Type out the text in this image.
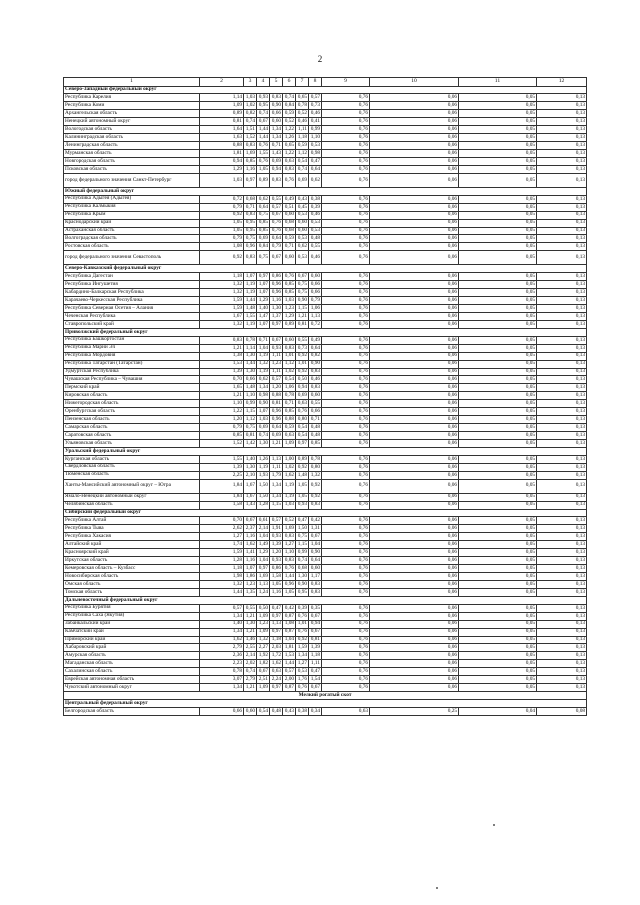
2
1	2	3	4	5	6	7	8	9	10	11	12
Северо-Западный федеральный округ											
Республика Карелия	1,14	1,03	0,93	0,83	0,74	0,65	0,57	0,76	0,06	0,05	0,13
Республика Коми	1,09	1,02	0,95	0,90	0,84	0,78	0,73	0,76	0,06	0,05	0,13
Архангельская область	0,89	0,82	0,74	0,66	0,59	0,52	0,46	0,76	0,06	0,05	0,13
Ненецкий автономный округ	0,81	0,74	0,67	0,60	0,52	0,46	0,41	0,76	0,06	0,05	0,13
Вологодская область	1,64	1,51	1,44	1,34	1,22	1,11	0,99	0,76	0,06	0,05	0,13
Калининградская область	1,63	1,52	1,44	1,34	1,26	1,18	1,10	0,76	0,06	0,05	0,13
Ленинградская область	0,88	0,83	0,76	0,71	0,65	0,59	0,53	0,76	0,06	0,05	0,13
Мурманская область	1,81	1,69	1,55	1,43	1,22	1,12	0,98	0,76	0,06	0,05	0,13
Новгородская область	0,94	0,85	0,76	0,69	0,63	0,54	0,47	0,76	0,06	0,05	0,13
Псковская область	1,29	1,16	1,05	0,94	0,83	0,74	0,64	0,76	0,06	0,05	0,13
город федерального значения Санкт-Петербург	1,03	0,97	0,89	0,83	0,76	0,69	0,62	0,76	0,06	0,05	0,13
Южный федеральный округ											
Республика Адыгея (Адыгея)	0,72	0,68	0,62	0,55	0,49	0,43	0,38	0,76	0,06	0,05	0,13
Республика Калмыкия	0,79	0,71	0,64	0,57	0,51	0,45	0,39	0,76	0,06	0,05	0,13
Республика Крым	0,92	0,83	0,75	0,67	0,60	0,53	0,46	0,76	0,06	0,05	0,13
Краснодарский край	1,05	0,95	0,85	0,76	0,68	0,60	0,53	0,76	0,06	0,05	0,13
Астраханская область	1,05	0,95	0,85	0,76	0,68	0,60	0,53	0,76	0,06	0,05	0,13
Волгоградская область	0,79	0,75	0,69	0,64	0,59	0,53	0,48	0,76	0,06	0,05	0,13
Ростовская область	1,08	0,96	0,84	0,79	0,71	0,62	0,55	0,76	0,06	0,05	0,13
город федерального значения Севастополь	0,92	0,83	0,75	0,67	0,60	0,53	0,46	0,76	0,06	0,05	0,13
Северо-Кавказский федеральный округ											
Республика Дагестан	1,18	1,07	0,97	0,86	0,76	0,67	0,60	0,76	0,06	0,05	0,13
Республика Ингушетия	1,32	1,19	1,07	0,96	0,85	0,75	0,66	0,76	0,06	0,05	0,13
Кабардино-Балкарская Республика	1,32	1,19	1,07	0,96	0,85	0,75	0,66	0,76	0,06	0,05	0,13
Карачаево-Черкесская Республика	1,59	1,44	1,29	1,16	1,03	0,90	0,79	0,76	0,06	0,05	0,13
Республика Северная Осетия – Алания	1,59	1,48	1,40	1,30	1,23	1,15	1,06	0,76	0,06	0,05	0,13
Чеченская Республика	1,67	1,55	1,47	1,37	1,29	1,21	1,13	0,76	0,06	0,05	0,13
Ставропольский край	1,32	1,19	1,07	0,97	0,89	0,81	0,72	0,76	0,06	0,05	0,13
Приволжский федеральный округ											
Республика Башкортостан	0,83	0,78	0,71	0,67	0,60	0,55	0,49	0,76	0,06	0,05	0,13
Республика Марий Эл	1,21	1,14	1,04	0,93	0,83	0,73	0,64	0,76	0,06	0,05	0,13
Республика Мордовия	1,38	1,30	1,19	1,11	1,01	0,92	0,82	0,76	0,06	0,05	0,13
Республика Татарстан (Татарстан)	1,53	1,44	1,32	1,23	1,12	1,01	0,90	0,76	0,06	0,05	0,13
Удмуртская Республика	1,39	1,30	1,19	1,11	1,02	0,92	0,83	0,76	0,06	0,05	0,13
Чувашская Республика – Чувашия	0,70	0,66	0,62	0,57	0,54	0,50	0,46	0,76	0,06	0,05	0,13
Пермский край	1,65	1,48	1,34	1,20	1,06	0,94	0,83	0,76	0,06	0,05	0,13
Кировская область	1,21	1,10	0,98	0,88	0,78	0,69	0,60	0,76	0,06	0,05	0,13
Нижегородская область	1,10	0,99	0,90	0,81	0,71	0,63	0,55	0,76	0,06	0,05	0,13
Оренбургская область	1,22	1,15	1,07	0,96	0,85	0,76	0,66	0,76	0,06	0,05	0,13
Пензенская область	1,20	1,12	1,03	0,96	0,88	0,80	0,71	0,76	0,06	0,05	0,13
Самарская область	0,79	0,75	0,69	0,64	0,59	0,54	0,48	0,76	0,06	0,05	0,13
Саратовская область	0,85	0,81	0,74	0,69	0,63	0,54	0,48	0,76	0,06	0,05	0,13
Ульяновская область	1,52	1,42	1,30	1,21	1,09	0,97	0,85	0,76	0,06	0,05	0,13
Уральский федеральный округ											
Курганская область	1,55	1,40	1,26	1,13	1,00	0,89	0,78	0,76	0,06	0,05	0,13
Свердловская область	1,39	1,30	1,19	1,11	1,02	0,92	0,80	0,76	0,06	0,05	0,13
Тюменская область	2,25	2,10	1,93	1,79	1,62	1,48	1,32	0,76	0,06	0,05	0,13
Ханты-Мансийский автономный округ – Югра	1,84	1,67	1,50	1,34	1,19	1,05	0,92	0,76	0,06	0,05	0,13
Ямало-Ненецкий автономный округ	1,84	1,67	1,50	1,34	1,19	1,05	0,92	0,76	0,06	0,05	0,13
Челябинская область	1,58	1,43	1,28	1,15	1,03	0,93	0,83	0,76	0,06	0,05	0,13
Сибирский федеральный округ											
Республика Алтай	0,70	0,67	0,61	0,57	0,52	0,47	0,42	0,76	0,06	0,05	0,13
Республика Тыва	2,62	2,37	2,14	1,91	1,69	1,50	1,31	0,76	0,06	0,05	0,13
Республика Хакасия	1,27	1,16	1,04	0,93	0,83	0,75	0,67	0,76	0,06	0,05	0,13
Алтайский край	1,74	1,62	1,49	1,39	1,27	1,15	1,04	0,76	0,06	0,05	0,13
Красноярский край	1,59	1,41	1,29	1,20	1,10	0,99	0,90	0,76	0,06	0,05	0,13
Иркутская область	1,28	1,16	1,04	0,93	0,83	0,74	0,64	0,76	0,06	0,05	0,13
Кемеровская область – Кузбасс	1,18	1,07	0,97	0,86	0,76	0,68	0,60	0,76	0,06	0,05	0,13
Новосибирская область	1,98	1,86	1,69	1,58	1,44	1,30	1,17	0,76	0,06	0,05	0,13
Омская область	1,32	1,23	1,13	1,05	0,96	0,90	0,83	0,76	0,06	0,05	0,13
Томская область	1,44	1,35	1,24	1,16	1,05	0,95	0,83	0,76	0,06	0,05	0,13
Дальневосточный федеральный округ											
Республика Бурятия	0,57	0,55	0,50	0,47	0,42	0,39	0,35	0,76	0,06	0,05	0,13
Республика Саха (Якутия)	1,34	1,21	1,09	0,97	0,87	0,76	0,67	0,76	0,06	0,05	0,13
Забайкальский край	1,40	1,30	1,23	1,13	1,08	1,01	0,94	0,76	0,06	0,05	0,13
Камчатский край	1,34	1,21	1,09	0,97	0,87	0,76	0,67	0,76	0,06	0,05	0,13
Приморский край	1,62	1,46	1,32	1,18	1,04	0,92	0,81	0,76	0,06	0,05	0,13
Хабаровский край	2,79	2,55	2,27	2,03	1,81	1,59	1,39	0,76	0,06	0,05	0,13
Амурская область	2,36	2,14	1,92	1,72	1,53	1,34	1,18	0,76	0,06	0,05	0,13
Магаданская область	2,23	2,02	1,82	1,62	1,44	1,27	1,11	0,76	0,06	0,05	0,13
Сахалинская область	0,78	0,74	0,67	0,63	0,57	0,53	0,47	0,76	0,06	0,05	0,13
Еврейская автономная область	3,07	2,79	2,51	2,24	2,00	1,76	1,54	0,76	0,06	0,05	0,13
Чукотский автономный округ	1,34	1,21	1,09	0,97	0,87	0,76	0,67	0,76	0,06	0,05	0,13
Мелкий рогатый скот											
Центральный федеральный округ											
Белгородская область	0,66	0,60	0,54	0,48	0,43	0,38	0,34	0,63	0,25	0,04	0,08
